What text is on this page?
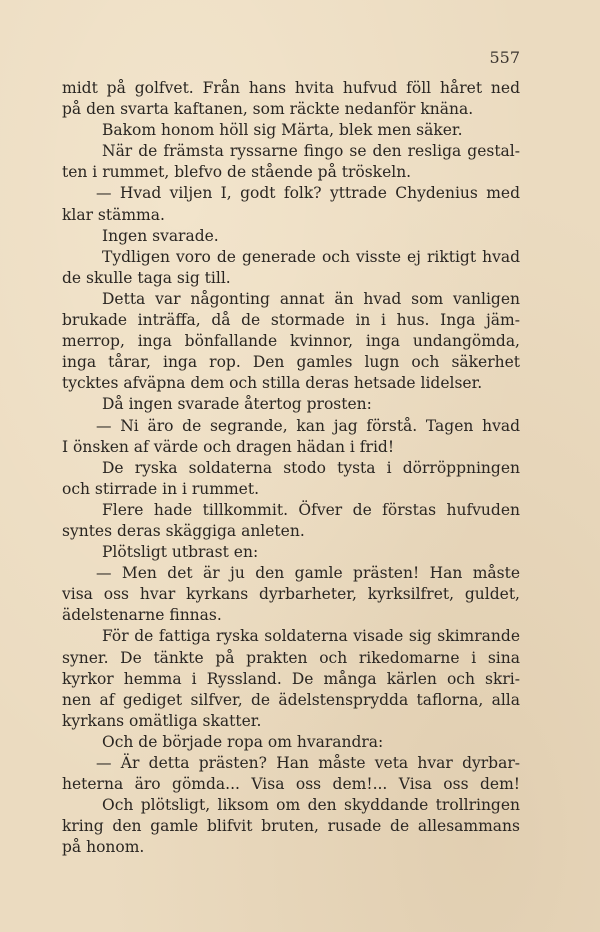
557
midt på golfvet. Från hans hvita hufvud föll håret ned
på den svarta kaftanen, som räckte nedanför knäna.
Bakom honom höll sig Märta, blek men säker.
När de främsta ryssarne fingo se den resliga gestal-
ten i rummet, blefvo de stående på tröskeln.
— Hvad viljen I, godt folk? yttrade Chydenius med
klar stämma.
Ingen svarade.
Tydligen voro de generade och visste ej riktigt hvad
de skulle taga sig till.
Detta var någonting annat än hvad som vanligen
brukade inträffa, då de stormade in i hus. Inga jäm-
merrop, inga bönfallande kvinnor, inga undangömda,
inga tårar, inga rop. Den gamles lugn och säkerhet
tycktes afväpna dem och stilla deras hetsade lidelser.
Då ingen svarade återtog prosten:
— Ni äro de segrande, kan jag förstå. Tagen hvad
I önsken af värde och dragen hädan i frid!
De ryska soldaterna stodo tysta i dörröppningen
och stirrade in i rummet.
Flere hade tillkommit. Öfver de förstas hufvuden
syntes deras skäggiga anleten.
Plötsligt utbrast en:
— Men det är ju den gamle prästen! Han måste
visa oss hvar kyrkans dyrbarheter, kyrksilfret, guldet,
ädelstenarne finnas.
För de fattiga ryska soldaterna visade sig skimrande
syner. De tänkte på prakten och rikedomarne i sina
kyrkor hemma i Ryssland. De många kärlen och skri-
nen af gediget silfver, de ädelstensprydda taflorna, alla
kyrkans omätliga skatter.
Och de började ropa om hvarandra:
— Är detta prästen? Han måste veta hvar dyrbar-
heterna äro gömda... Visa oss dem!... Visa oss dem!
Och plötsligt, liksom om den skyddande trollringen
kring den gamle blifvit bruten, rusade de allesammans
på honom.
